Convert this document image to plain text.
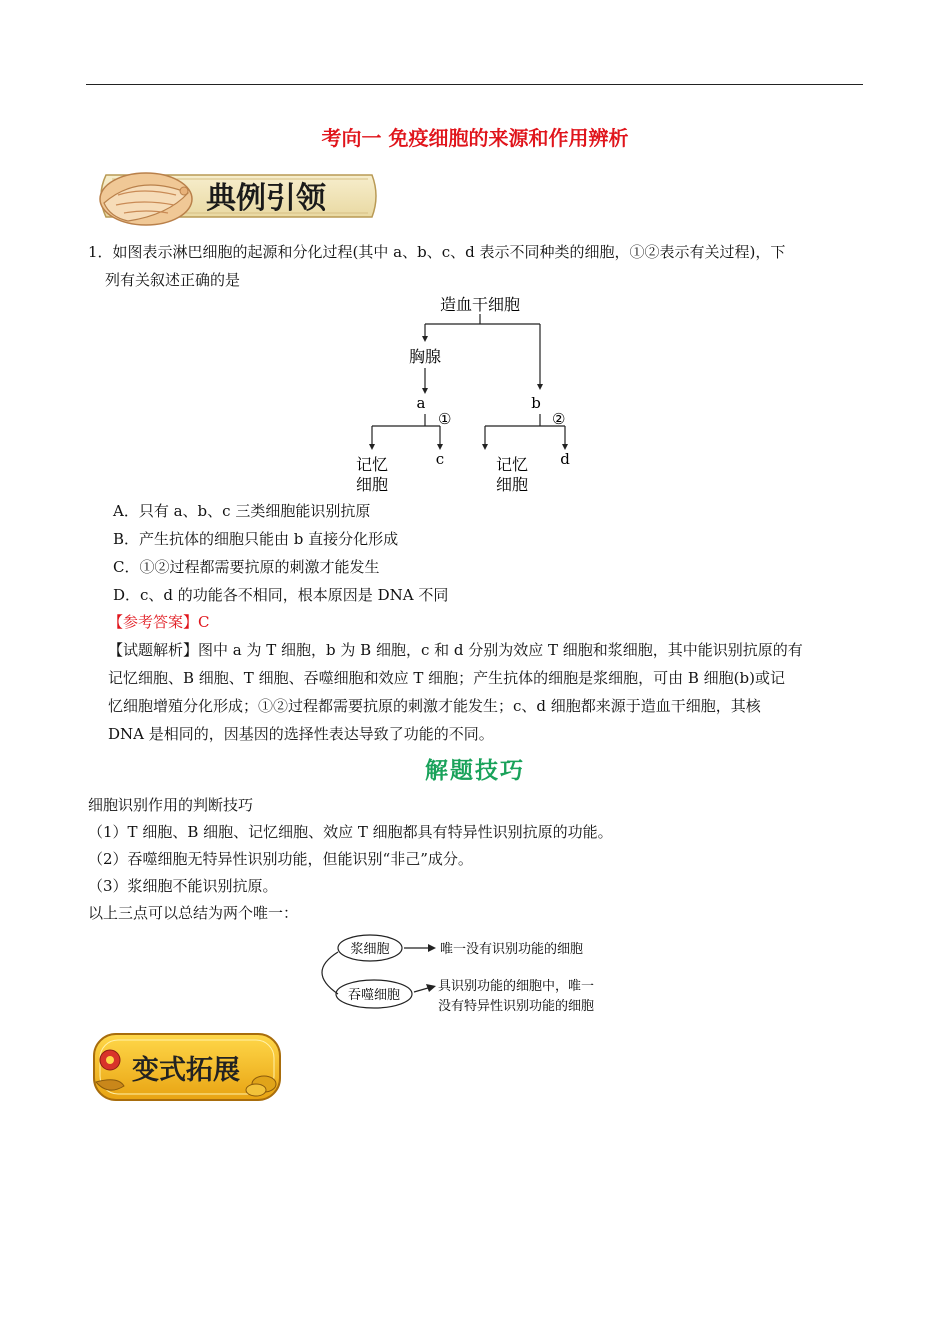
考向一 免疫细胞的来源和作用辨析
典例引领
1．如图表示淋巴细胞的起源和分化过程(其中 a、b、c、d 表示不同种类的细胞，①②表示有关过程)，下
列有关叙述正确的是
造血干细胞
胸腺
a
①
b
②
记忆
细胞
c	记忆
细胞
d
A．只有 a、b、c 三类细胞能识别抗原
B．产生抗体的细胞只能由 b 直接分化形成
C．①②过程都需要抗原的刺激才能发生
D．c、d 的功能各不相同，根本原因是 DNA 不同
【参考答案】C
【试题解析】图中 a 为 T 细胞，b 为 B 细胞，c 和 d 分别为效应 T 细胞和浆细胞，其中能识别抗原的有
记忆细胞、B 细胞、T 细胞、吞噬细胞和效应 T 细胞；产生抗体的细胞是浆细胞，可由 B 细胞(b)或记
忆细胞增殖分化形成；①②过程都需要抗原的刺激才能发生；c、d 细胞都来源于造血干细胞，其核
DNA 是相同的，因基因的选择性表达导致了功能的不同。
解题技巧
细胞识别作用的判断技巧
（1）T 细胞、B 细胞、记忆细胞、效应 T 细胞都具有特异性识别抗原的功能。
（2）吞噬细胞无特异性识别功能，但能识别“非己”成分。
（3）浆细胞不能识别抗原。
以上三点可以总结为两个唯一：
浆细胞
吞噬细胞
唯一没有识别功能的细胞
具识别功能的细胞中，唯一
没有特异性识别功能的细胞
变式拓展
